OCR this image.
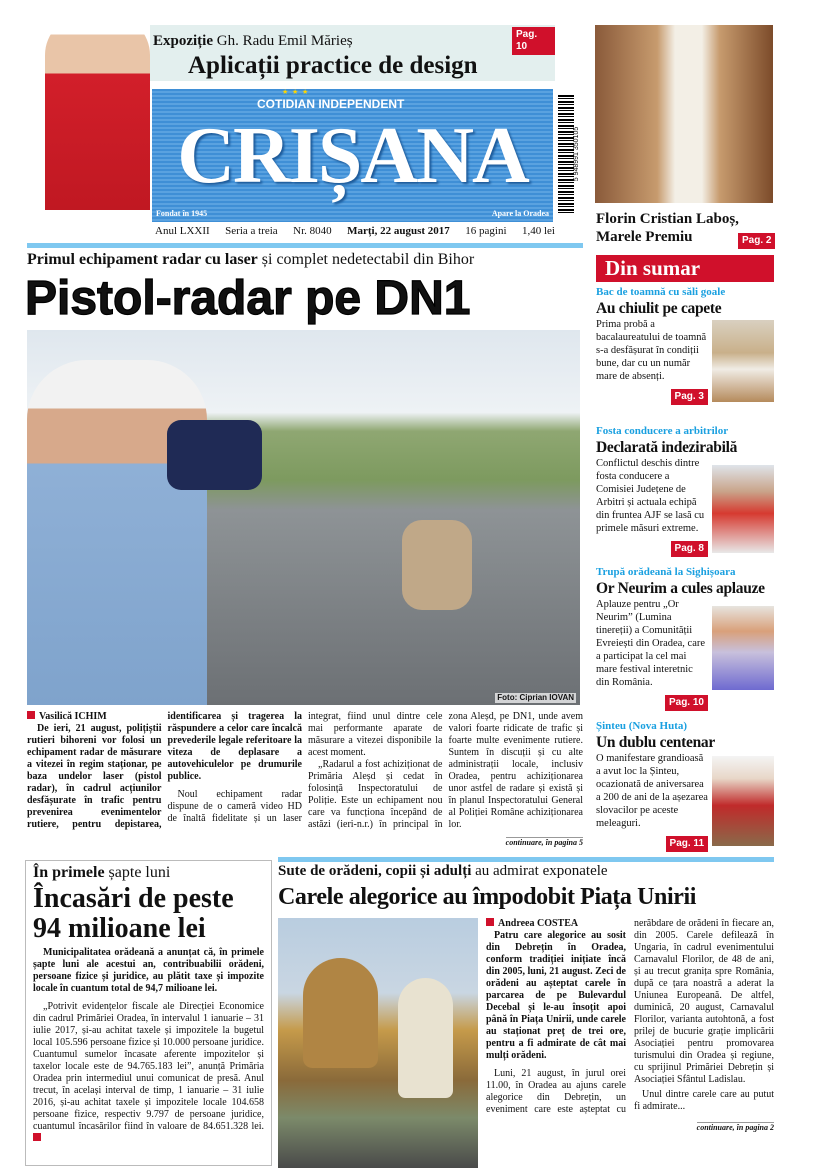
Expoziție Gh. Radu Emil Mărieș
Aplicații practice de design
Pag. 10
★ ★ ★
COTIDIAN INDEPENDENT
CRIȘANA
Fondat în 1945	Apare la Oradea
5 948991 350105
Anul LXXII Seria a treia Nr. 8040 Marți, 22 august 2017 16 pagini 1,40 lei
Florin Cristian Laboș, Marele Premiu	Pag. 2
Primul echipament radar cu laser și complet nedetectabil din Bihor
Pistol-radar pe DN1
Foto: Ciprian IOVAN
Vasilică ICHIM

De ieri, 21 august, polițiștii rutieri bihoreni vor folosi un echipament radar de măsurare a vitezei în regim staționar, pe baza undelor laser (pistol radar), în cadrul acțiunilor desfășurate în trafic pentru prevenirea evenimentelor rutiere, pentru depistarea, identificarea și tragerea la răspundere a celor care încalcă prevederile legale referitoare la viteza de deplasare a autovehiculelor pe drumurile publice.

Noul echipament radar dispune de o cameră video HD de înaltă fidelitate și un laser integrat, fiind unul dintre cele mai performante aparate de măsurare a vitezei disponibile la acest moment.

„Radarul a fost achiziționat de Primăria Aleșd și cedat în folosință Inspectoratului de Poliție. Este un echipament nou care va funcționa începând de astăzi (ieri-n.r.) în principal în zona Aleșd, pe DN1, unde avem valori foarte ridicate de trafic și foarte multe evenimente rutiere. Suntem în discuții și cu alte administrații locale, inclusiv Oradea, pentru achiziționarea unor astfel de radare și există și în planul Inspectoratului General al Poliției Române achiziționarea lor.

continuare, în pagina 5
Din sumar
Bac de toamnă cu săli goale
Au chiulit pe capete
Prima probă a bacalaureatului de toamnă s-a desfășurat în condiții bune, dar cu un număr mare de absenți.
Pag. 3
Fosta conducere a arbitrilor
Declarată indezirabilă
Conflictul deschis dintre fosta conducere a Comisiei Județene de Arbitri și actuala echipă din fruntea AJF se lasă cu primele măsuri extreme.
Pag. 8
Trupă orădeană la Sighișoara
Or Neurim a cules aplauze
Aplauze pentru „Or Neurim” (Lumina tinereții) a Comunității Evreiești din Oradea, care a participat la cel mai mare festival interetnic din România.
Pag. 10
Șinteu (Nova Huta)
Un dublu centenar
O manifestare grandioasă a avut loc la Șinteu, ocazionată de aniversarea a 200 de ani de la așezarea slovacilor pe aceste meleaguri.
Pag. 11
În primele șapte luni
Încasări de peste 94 milioane lei

Municipalitatea orădeană a anunțat că, în primele șapte luni ale acestui an, contribuabilii orădeni, persoane fizice și juridice, au plătit taxe și impozite locale în cuantum total de 94,7 milioane lei.

„Potrivit evidențelor fiscale ale Direcției Economice din cadrul Primăriei Oradea, în intervalul 1 ianuarie – 31 iulie 2017, și-au achitat taxele și impozitele la bugetul local 105.596 persoane fizice și 10.000 persoane juridice. Cuantumul sumelor încasate aferente impozitelor și taxelor locale este de 94.765.183 lei”, anunță Primăria Oradea prin intermediul unui comunicat de presă. Anul trecut, în același interval de timp, 1 ianuarie – 31 iulie 2016, și-au achitat taxele și impozitele locale 104.658 persoane fizice, respectiv 9.797 de persoane juridice, cuantumul încasărilor fiind în valoare de 84.651.328 lei.

Sute de orădeni, copii și adulți au admirat exponatele
Carele alegorice au împodobit Piața Unirii
Andreea COSTEA

Patru care alegorice au sosit din Debrețin în Oradea, conform tradiției inițiate încă din 2005, luni, 21 august. Zeci de orădeni au așteptat carele în parcarea de pe Bulevardul Decebal și le-au însoțit apoi până în Piața Unirii, unde carele au staționat preț de trei ore, pentru a fi admirate de cât mai mulți orădeni.

Luni, 21 august, în jurul orei 11.00, în Oradea au ajuns carele alegorice din Debrețin, un eveniment care este așteptat cu nerăbdare de orădeni în fiecare an, din 2005. Carele defilează în Ungaria, în cadrul evenimentului Carnavalul Florilor, de 48 de ani, și au trecut granița spre România, după ce țara noastră a aderat la Uniunea Europeană. De altfel, duminică, 20 august, Carnavalul Florilor, varianta autohtonă, a fost prilej de bucurie grație implicării Asociației pentru promovarea turismului din Oradea și regiune, cu sprijinul Primăriei Debrețin și Asociației Sfântul Ladislau.

Unul dintre carele care au putut fi admirate...

continuare, în pagina 2
